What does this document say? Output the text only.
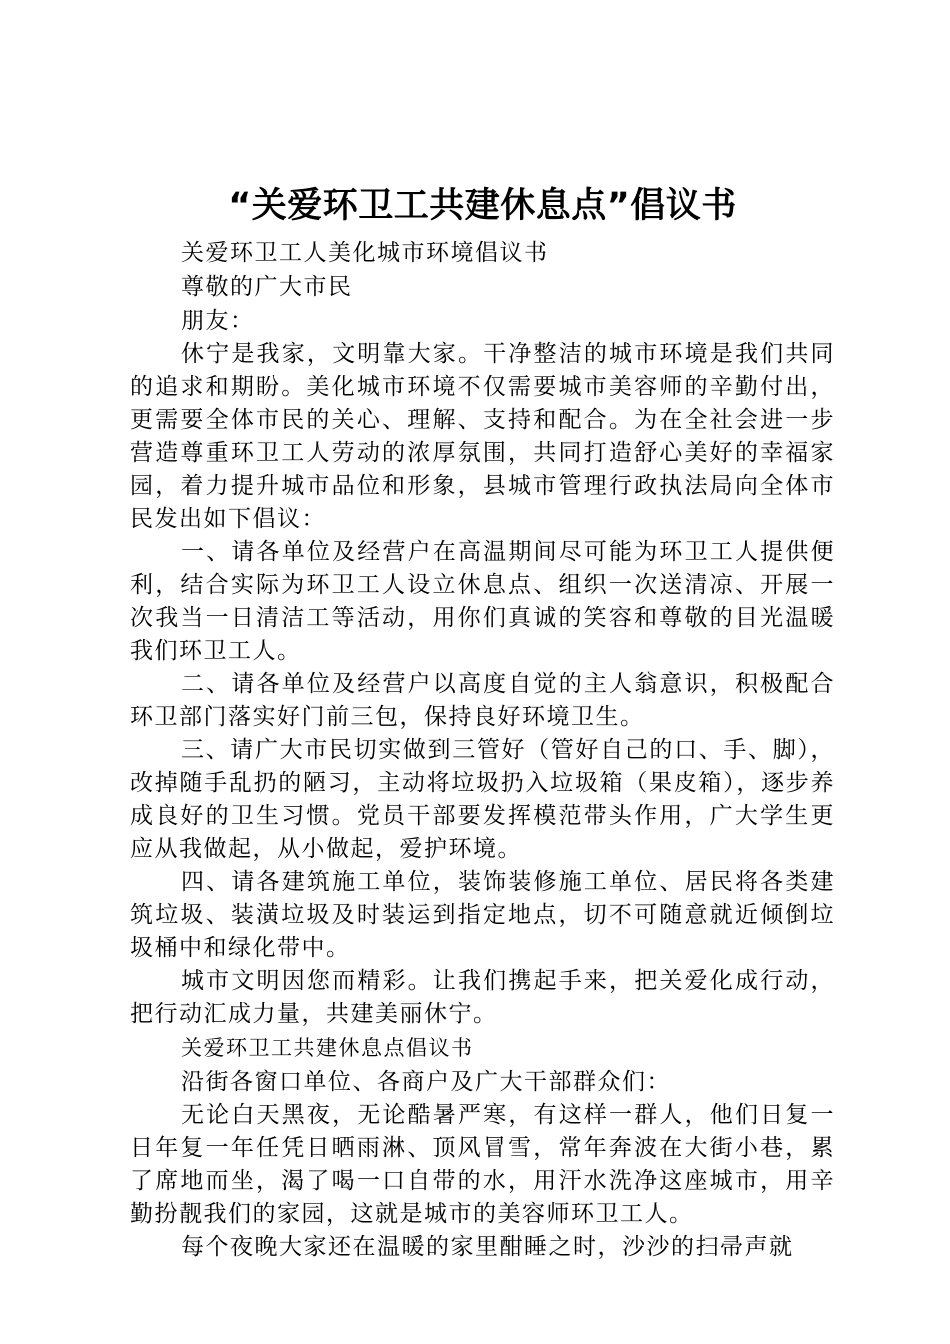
“关爱环卫工共建休息点”倡议书

关爱环卫工人美化城市环境倡议书

尊敬的广大市民

朋友：

休宁是我家，文明靠大家。干净整洁的城市环境是我们共同的追求和期盼。美化城市环境不仅需要城市美容师的辛勤付出，更需要全体市民的关心、理解、支持和配合。为在全社会进一步营造尊重环卫工人劳动的浓厚氛围，共同打造舒心美好的幸福家园，着力提升城市品位和形象，县城市管理行政执法局向全体市民发出如下倡议：

一、请各单位及经营户在高温期间尽可能为环卫工人提供便利，结合实际为环卫工人设立休息点、组织一次送清凉、开展一次我当一日清洁工等活动，用你们真诚的笑容和尊敬的目光温暖我们环卫工人。

二、请各单位及经营户以高度自觉的主人翁意识，积极配合环卫部门落实好门前三包，保持良好环境卫生。

三、请广大市民切实做到三管好（管好自己的口、手、脚），改掉随手乱扔的陋习，主动将垃圾扔入垃圾箱（果皮箱），逐步养成良好的卫生习惯。党员干部要发挥模范带头作用，广大学生更应从我做起，从小做起，爱护环境。

四、请各建筑施工单位，装饰装修施工单位、居民将各类建筑垃圾、装潢垃圾及时装运到指定地点，切不可随意就近倾倒垃圾桶中和绿化带中。

城市文明因您而精彩。让我们携起手来，把关爱化成行动，把行动汇成力量，共建美丽休宁。

关爱环卫工共建休息点倡议书

沿街各窗口单位、各商户及广大干部群众们：

无论白天黑夜，无论酷暑严寒，有这样一群人，他们日复一日年复一年任凭日晒雨淋、顶风冒雪，常年奔波在大街小巷，累了席地而坐，渴了喝一口自带的水，用汗水洗净这座城市，用辛勤扮靓我们的家园，这就是城市的美容师环卫工人。

每个夜晚大家还在温暖的家里酣睡之时，沙沙的扫帚声就
